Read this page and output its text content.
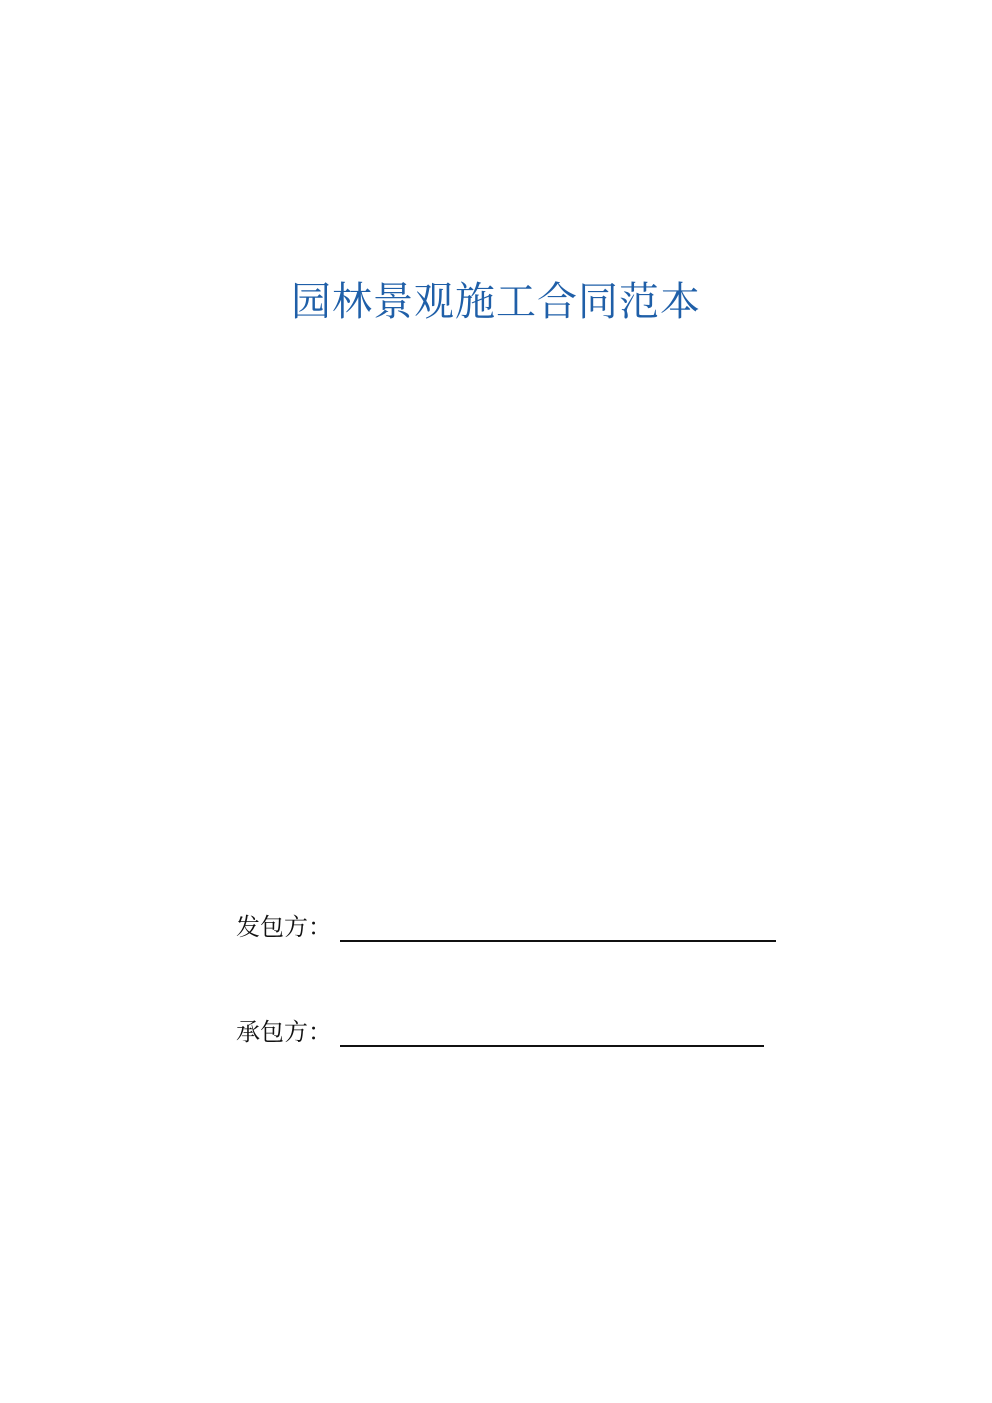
园林景观施工合同范本
发包方：
承包方：
